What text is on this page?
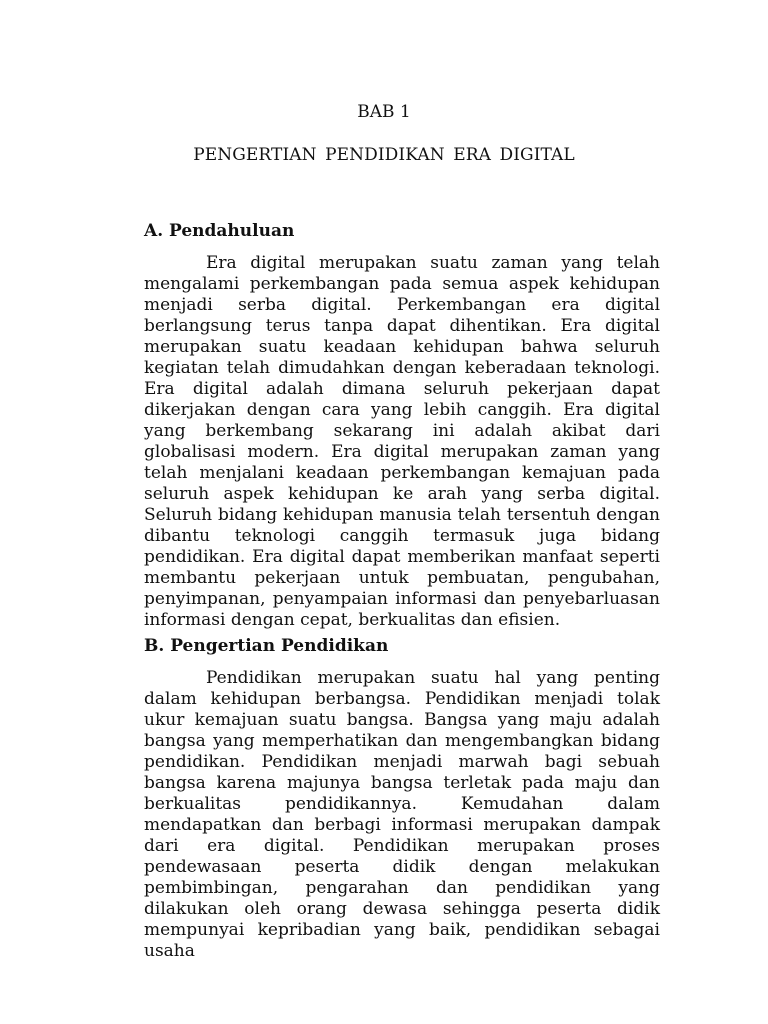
BAB 1
PENGERTIAN PENDIDIKAN ERA DIGITAL
A. Pendahuluan
Era digital merupakan suatu zaman yang telah mengalami perkembangan pada semua aspek kehidupan menjadi serba digital. Perkembangan era digital berlangsung terus tanpa dapat dihentikan. Era digital merupakan suatu keadaan kehidupan bahwa seluruh kegiatan telah dimudahkan dengan keberadaan teknologi. Era digital adalah dimana seluruh pekerjaan dapat dikerjakan dengan cara yang lebih canggih. Era digital yang berkembang sekarang ini adalah akibat dari globalisasi modern. Era digital merupakan zaman yang telah menjalani keadaan perkembangan kemajuan pada seluruh aspek kehidupan ke arah yang serba digital. Seluruh bidang kehidupan manusia telah tersentuh dengan dibantu teknologi canggih termasuk juga bidang pendidikan. Era digital dapat memberikan manfaat seperti membantu pekerjaan untuk pembuatan, pengubahan, penyimpanan, penyampaian informasi dan penyebarluasan informasi dengan cepat, berkualitas dan efisien.
B. Pengertian Pendidikan
Pendidikan merupakan suatu hal yang penting dalam kehidupan berbangsa. Pendidikan menjadi tolak ukur kemajuan suatu bangsa. Bangsa yang maju adalah bangsa yang memperhatikan dan mengembangkan bidang pendidikan. Pendidikan menjadi marwah bagi sebuah bangsa karena majunya bangsa terletak pada maju dan berkualitas pendidikannya. Kemudahan dalam mendapatkan dan berbagi informasi merupakan dampak dari era digital. Pendidikan merupakan proses pendewasaan peserta didik dengan melakukan pembimbingan, pengarahan dan pendidikan yang dilakukan oleh orang dewasa sehingga peserta didik mempunyai kepribadian yang baik, pendidikan sebagai usaha
